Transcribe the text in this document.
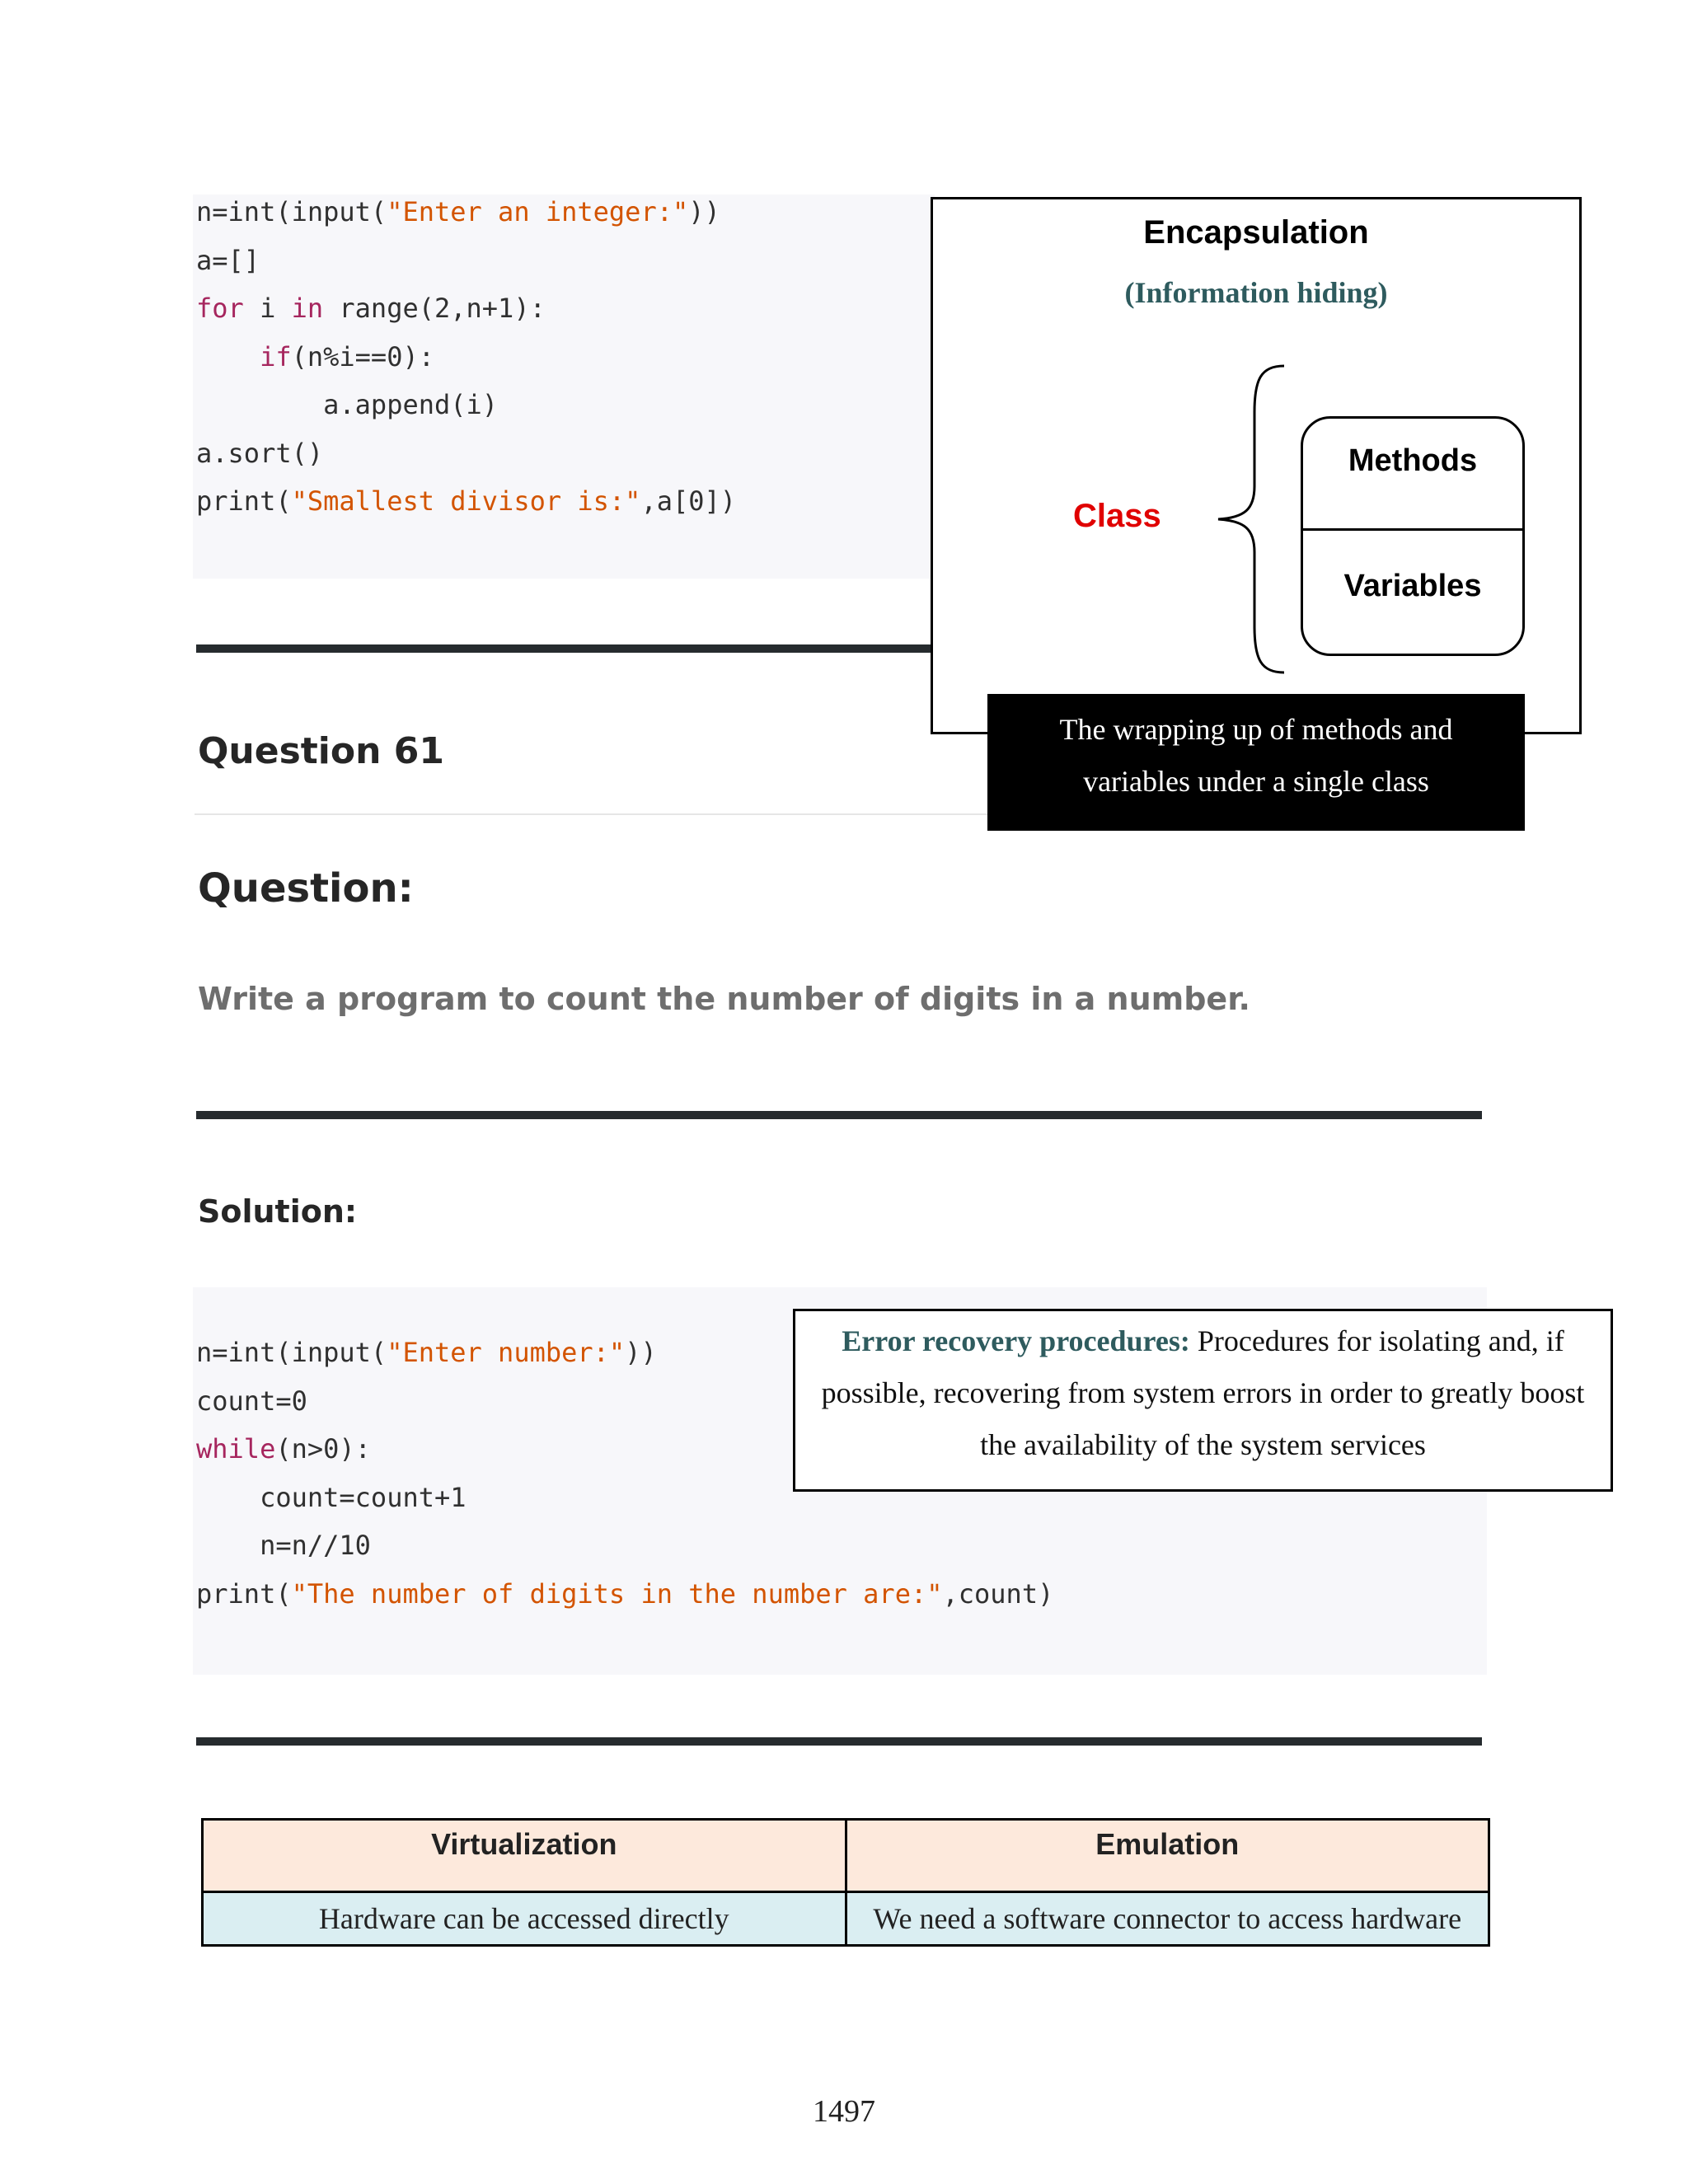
n=int(input("Enter an integer:"))
a=[]
for i in range(2,n+1):
if(n%i==0):
a.append(i)
a.sort()
print("Smallest divisor is:",a[0])
Question 61
Question:
Write a program to count the number of digits in a number.
Solution:
n=int(input("Enter number:"))
count=0
while(n>0):
count=count+1
n=n//10
print("The number of digits in the number are:",count)
Encapsulation
(Information hiding)
Class
Methods
Variables
The wrapping up of methods and
variables under a single class
Error recovery procedures: Procedures for isolating and, if
possible, recovering from system errors in order to greatly boost
the availability of the system services
Virtualization	Emulation
Hardware can be accessed directly	We need a software connector to access hardware
1497
